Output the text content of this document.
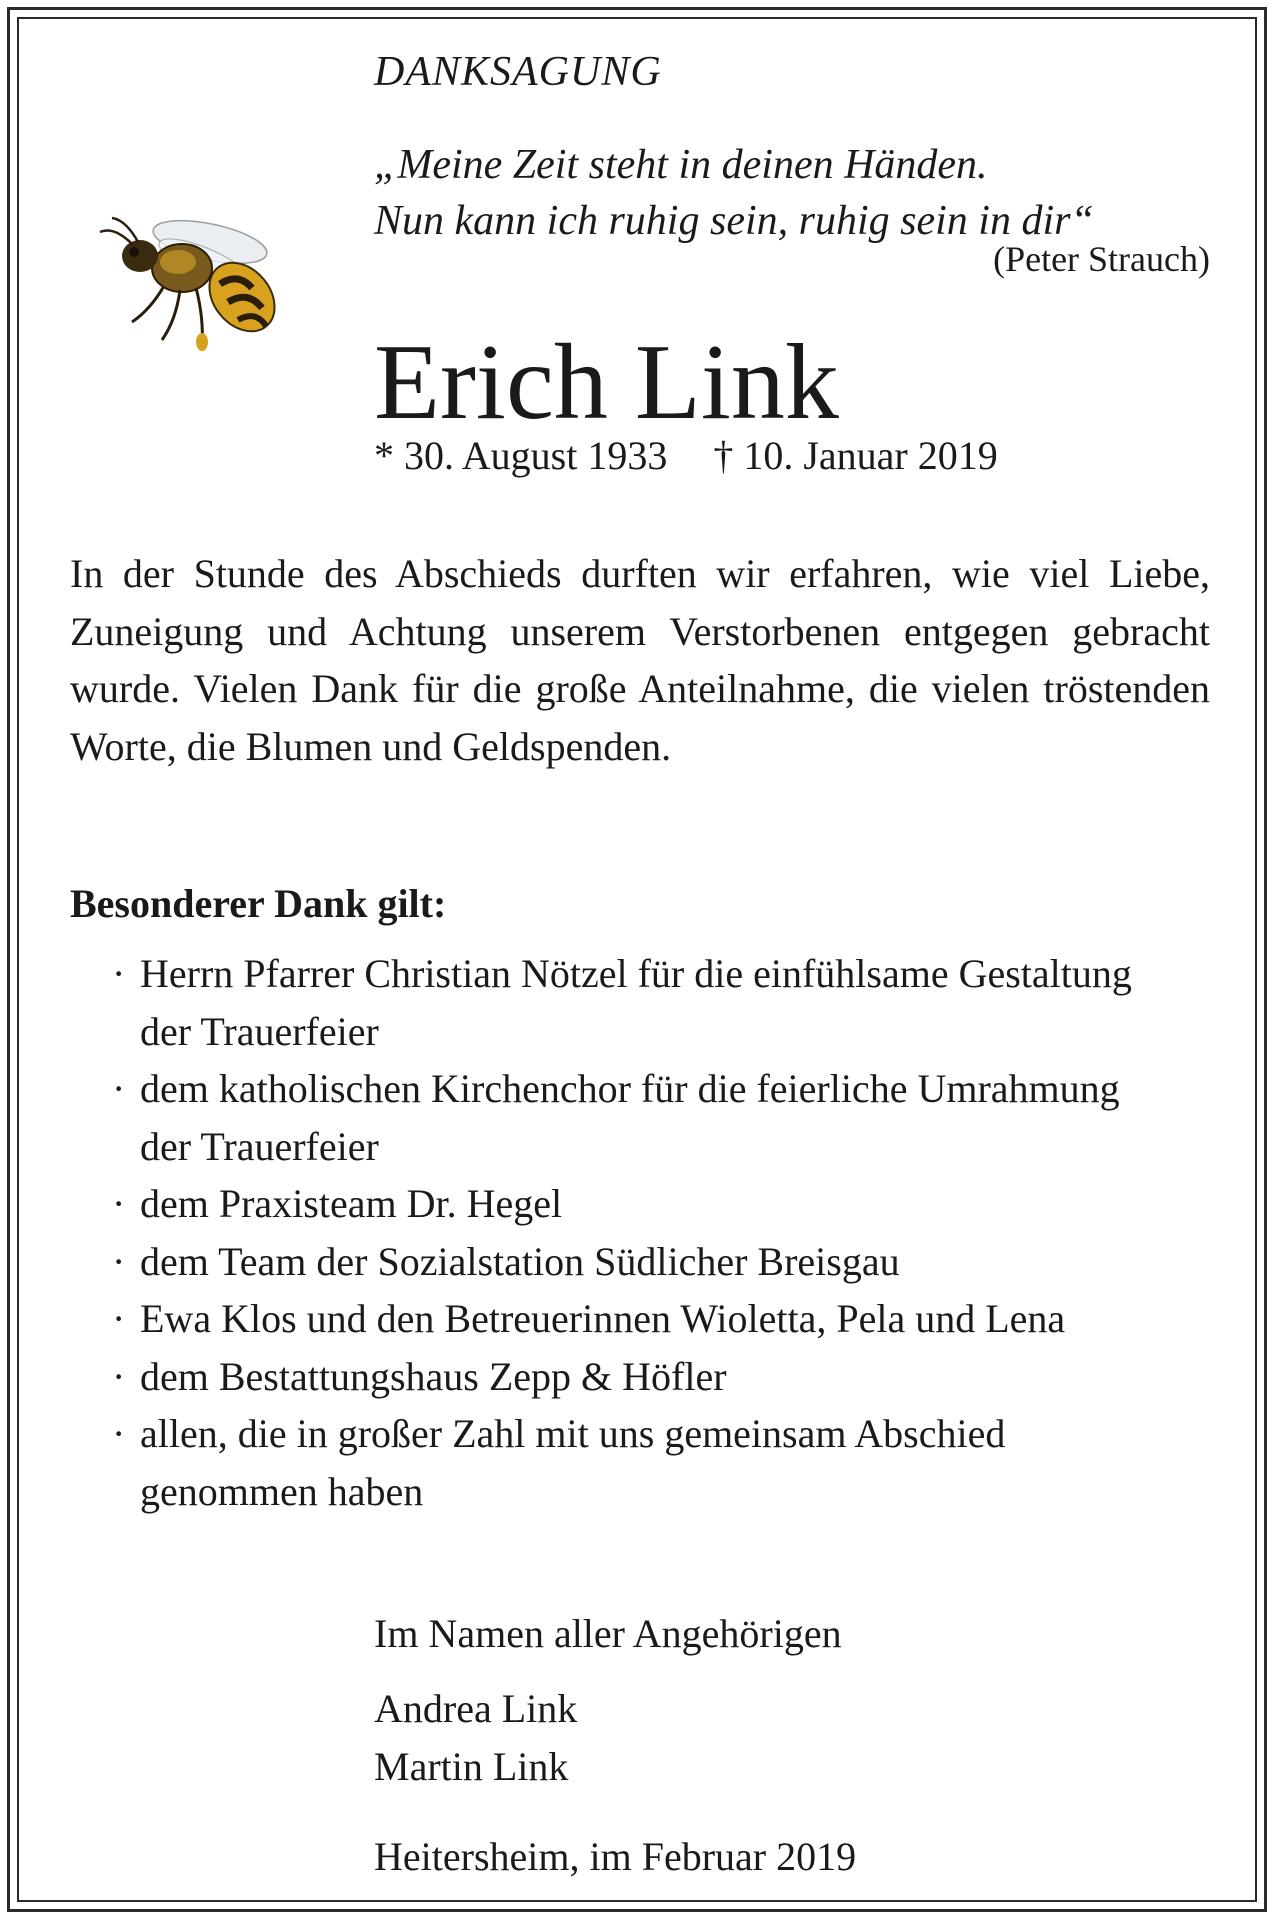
DANKSAGUNG
„Meine Zeit steht in deinen Händen.
Nun kann ich ruhig sein, ruhig sein in dir“
(Peter Strauch)
Erich Link
* 30. August 1933 † 10. Januar 2019
In der Stunde des Abschieds durften wir erfahren, wie viel Liebe, Zuneigung und Achtung unserem Verstorbenen entgegen gebracht wurde. Vielen Dank für die große Anteilnahme, die vielen tröstenden Worte, die Blumen und Geldspenden.
Besonderer Dank gilt:
· Herrn Pfarrer Christian Nötzel für die einfühlsame Gestaltung der Trauerfeier
· dem katholischen Kirchenchor für die feierliche Umrahmung der Trauerfeier
· dem Praxisteam Dr. Hegel
· dem Team der Sozialstation Südlicher Breisgau
· Ewa Klos und den Betreuerinnen Wioletta, Pela und Lena
· dem Bestattungshaus Zepp & Höfler
· allen, die in großer Zahl mit uns gemeinsam Abschied genommen haben
Im Namen aller Angehörigen
Andrea Link
Martin Link
Heitersheim, im Februar 2019
